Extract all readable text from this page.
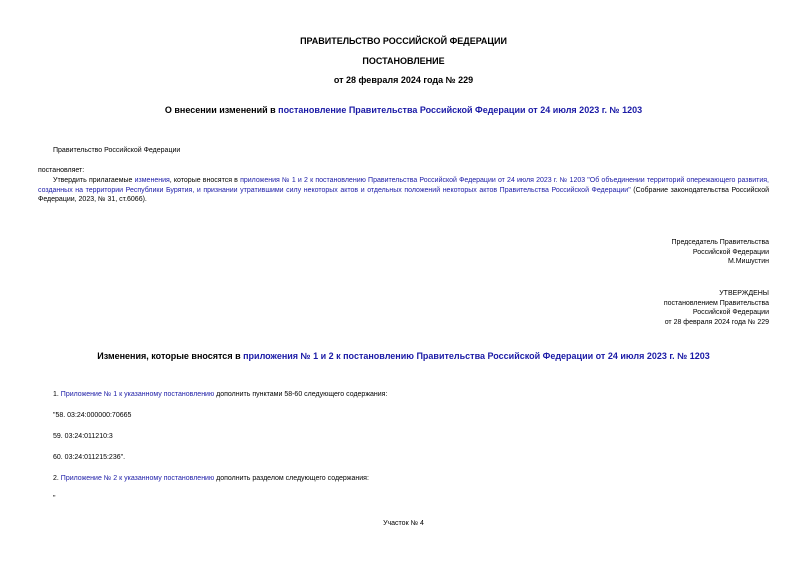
ПРАВИТЕЛЬСТВО РОССИЙСКОЙ ФЕДЕРАЦИИ
ПОСТАНОВЛЕНИЕ
от 28 февраля 2024 года № 229
О внесении изменений в постановление Правительства Российской Федерации от 24 июля 2023 г. № 1203
Правительство Российской Федерации
постановляет:
Утвердить прилагаемые изменения, которые вносятся в приложения № 1 и 2 к постановлению Правительства Российской Федерации от 24 июля 2023 г. № 1203 "Об объединении территорий опережающего развития, созданных на территории Республики Бурятия, и признании утратившими силу некоторых актов и отдельных положений некоторых актов Правительства Российской Федерации" (Собрание законодательства Российской Федерации, 2023, № 31, ст.6066).
Председатель Правительства
Российской Федерации
М.Мишустин
УТВЕРЖДЕНЫ
постановлением Правительства
Российской Федерации
от 28 февраля 2024 года № 229
Изменения, которые вносятся в приложения № 1 и 2 к постановлению Правительства Российской Федерации от 24 июля 2023 г. № 1203
1. Приложение № 1 к указанному постановлению дополнить пунктами 58-60 следующего содержания:
"58. 03:24:000000:70665
59. 03:24:011210:3
60. 03:24:011215:236".
2. Приложение № 2 к указанному постановлению дополнить разделом следующего содержания:
"
Участок № 4
